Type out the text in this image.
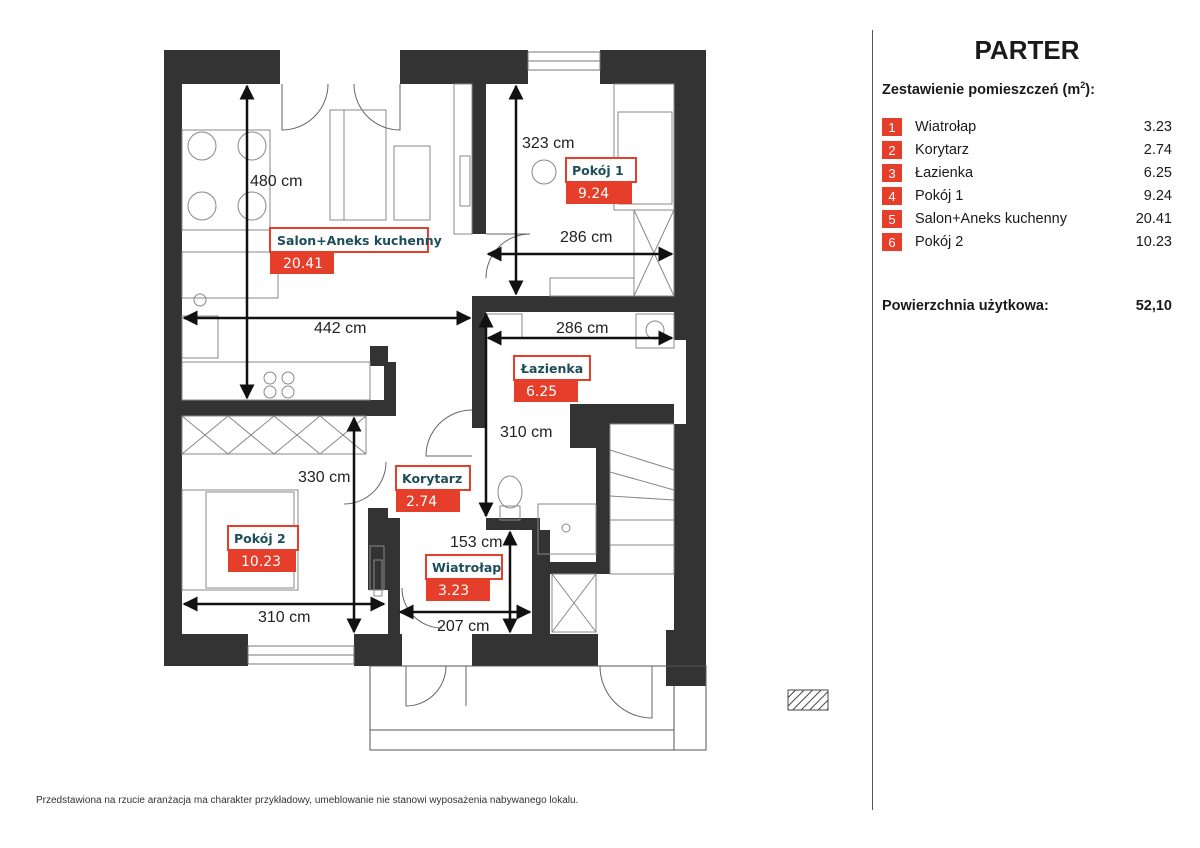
480 cm
442 cm
323 cm
286 cm
286 cm
310 cm
330 cm
310 cm
153 cm
207 cm
Salon+Aneks kuchenny
20.41
Pokój 1
9.24
Łazienka
6.25
Korytarz
2.74
Pokój 2
10.23	Wiatrołap
3.23
Przedstawiona na rzucie aranżacja ma charakter przykładowy, umeblowanie nie stanowi wyposażenia nabywanego lokalu.
PARTER
Zestawienie pomieszczeń $(m^2)$:
1	Wiatrołap	3.23
2	Korytarz	2.74
3	Łazienka	6.25
4	Pokój 1	9.24
5	Salon+Aneks kuchenny	20.41
6	Pokój 2	10.23
Powierzchnia użytkowa:	52,10
